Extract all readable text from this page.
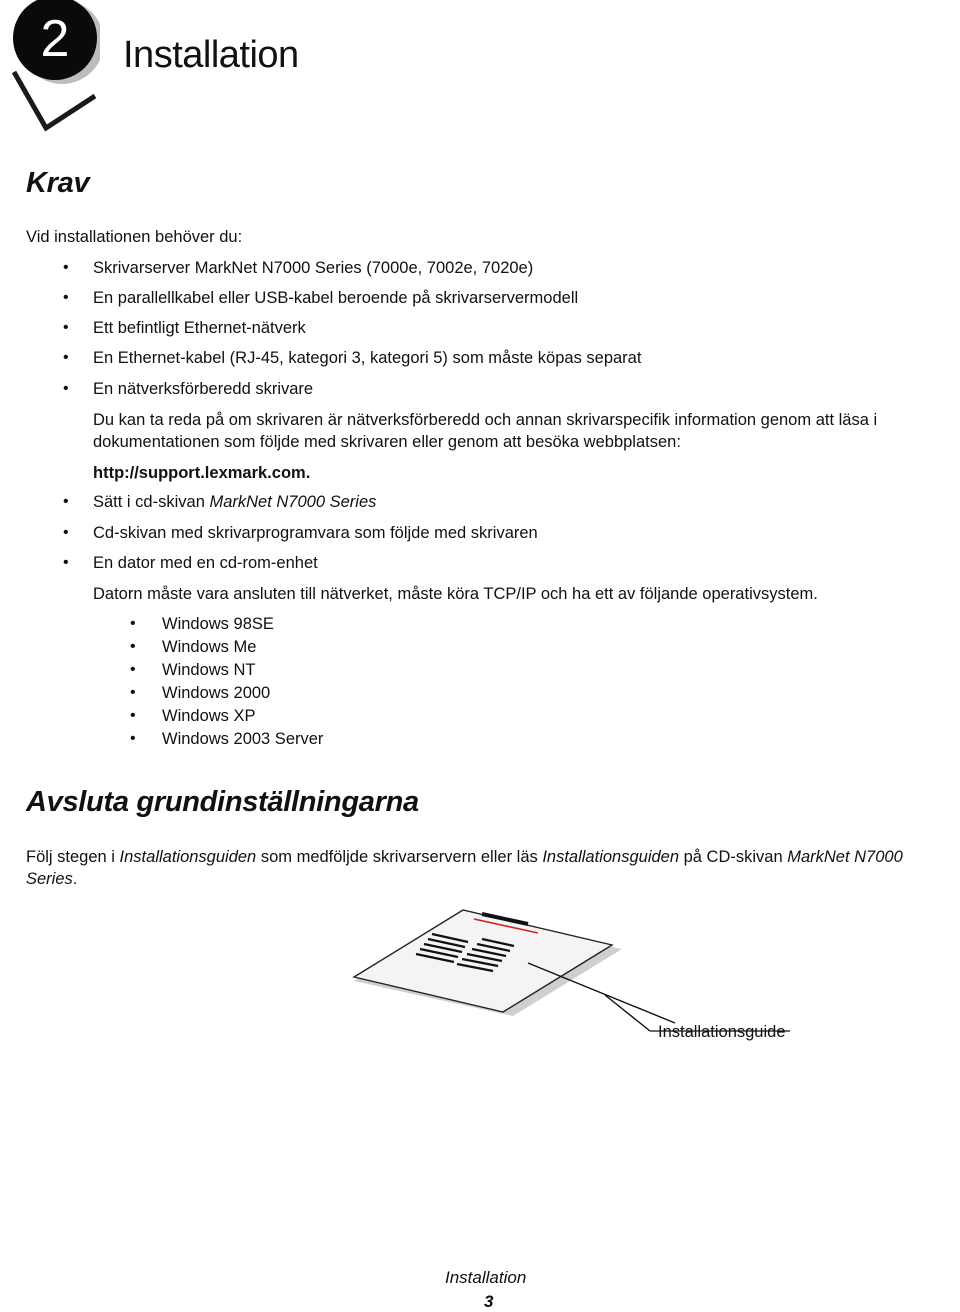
2 Installation
Krav
Vid installationen behöver du:
• Skrivarserver MarkNet N7000 Series (7000e, 7002e, 7020e)
• En parallellkabel eller USB-kabel beroende på skrivarservermodell
• Ett befintligt Ethernet-nätverk
• En Ethernet-kabel (RJ-45, kategori 3, kategori 5) som måste köpas separat
• En nätverksförberedd skrivare
Du kan ta reda på om skrivaren är nätverksförberedd och annan skrivarspecifik information genom att läsa i
dokumentationen som följde med skrivaren eller genom att besöka webbplatsen:
http://support.lexmark.com.
• Sätt i cd-skivan MarkNet N7000 Series
• Cd-skivan med skrivarprogramvara som följde med skrivaren
• En dator med en cd-rom-enhet
Datorn måste vara ansluten till nätverket, måste köra TCP/IP och ha ett av följande operativsystem.
• Windows 98SE
• Windows Me
• Windows NT
• Windows 2000
• Windows XP
• Windows 2003 Server
Avsluta grundinställningarna
Följ stegen i Installationsguiden som medföljde skrivarservern eller läs Installationsguiden på CD-skivan MarkNet N7000
Series.
Installationsguide
Installation
3
